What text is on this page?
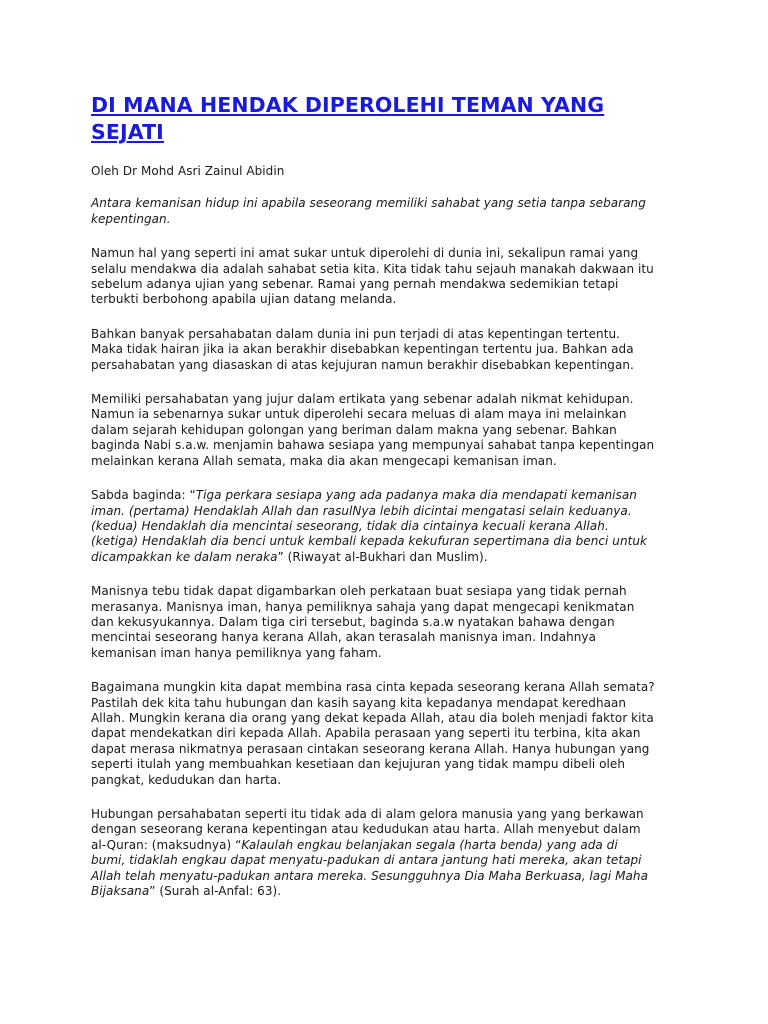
DI MANA HENDAK DIPEROLEHI TEMAN YANG
SEJATI
Oleh Dr Mohd Asri Zainul Abidin
Antara kemanisan hidup ini apabila seseorang memiliki sahabat yang setia tanpa sebarang
kepentingan.
Namun hal yang seperti ini amat sukar untuk diperolehi di dunia ini, sekalipun ramai yang
selalu mendakwa dia adalah sahabat setia kita. Kita tidak tahu sejauh manakah dakwaan itu
sebelum adanya ujian yang sebenar. Ramai yang pernah mendakwa sedemikian tetapi
terbukti berbohong apabila ujian datang melanda.
Bahkan banyak persahabatan dalam dunia ini pun terjadi di atas kepentingan tertentu.
Maka tidak hairan jika ia akan berakhir disebabkan kepentingan tertentu jua. Bahkan ada
persahabatan yang diasaskan di atas kejujuran namun berakhir disebabkan kepentingan.
Memiliki persahabatan yang jujur dalam ertikata yang sebenar adalah nikmat kehidupan.
Namun ia sebenarnya sukar untuk diperolehi secara meluas di alam maya ini melainkan
dalam sejarah kehidupan golongan yang beriman dalam makna yang sebenar. Bahkan
baginda Nabi s.a.w. menjamin bahawa sesiapa yang mempunyai sahabat tanpa kepentingan
melainkan kerana Allah semata, maka dia akan mengecapi kemanisan iman.
Sabda baginda: “Tiga perkara sesiapa yang ada padanya maka dia mendapati kemanisan
iman. (pertama) Hendaklah Allah dan rasulNya lebih dicintai mengatasi selain keduanya.
(kedua) Hendaklah dia mencintai seseorang, tidak dia cintainya kecuali kerana Allah.
(ketiga) Hendaklah dia benci untuk kembali kepada kekufuran sepertimana dia benci untuk
dicampakkan ke dalam neraka” (Riwayat al-Bukhari dan Muslim).
Manisnya tebu tidak dapat digambarkan oleh perkataan buat sesiapa yang tidak pernah
merasanya. Manisnya iman, hanya pemiliknya sahaja yang dapat mengecapi kenikmatan
dan kekusyukannya. Dalam tiga ciri tersebut, baginda s.a.w nyatakan bahawa dengan
mencintai seseorang hanya kerana Allah, akan terasalah manisnya iman. Indahnya
kemanisan iman hanya pemiliknya yang faham.
Bagaimana mungkin kita dapat membina rasa cinta kepada seseorang kerana Allah semata?
Pastilah dek kita tahu hubungan dan kasih sayang kita kepadanya mendapat keredhaan
Allah. Mungkin kerana dia orang yang dekat kepada Allah, atau dia boleh menjadi faktor kita
dapat mendekatkan diri kepada Allah. Apabila perasaan yang seperti itu terbina, kita akan
dapat merasa nikmatnya perasaan cintakan seseorang kerana Allah. Hanya hubungan yang
seperti itulah yang membuahkan kesetiaan dan kejujuran yang tidak mampu dibeli oleh
pangkat, kedudukan dan harta.
Hubungan persahabatan seperti itu tidak ada di alam gelora manusia yang yang berkawan
dengan seseorang kerana kepentingan atau kedudukan atau harta. Allah menyebut dalam
al-Quran: (maksudnya) “Kalaulah engkau belanjakan segala (harta benda) yang ada di
bumi, tidaklah engkau dapat menyatu-padukan di antara jantung hati mereka, akan tetapi
Allah telah menyatu-padukan antara mereka. Sesungguhnya Dia Maha Berkuasa, lagi Maha
Bijaksana” (Surah al-Anfal: 63).
